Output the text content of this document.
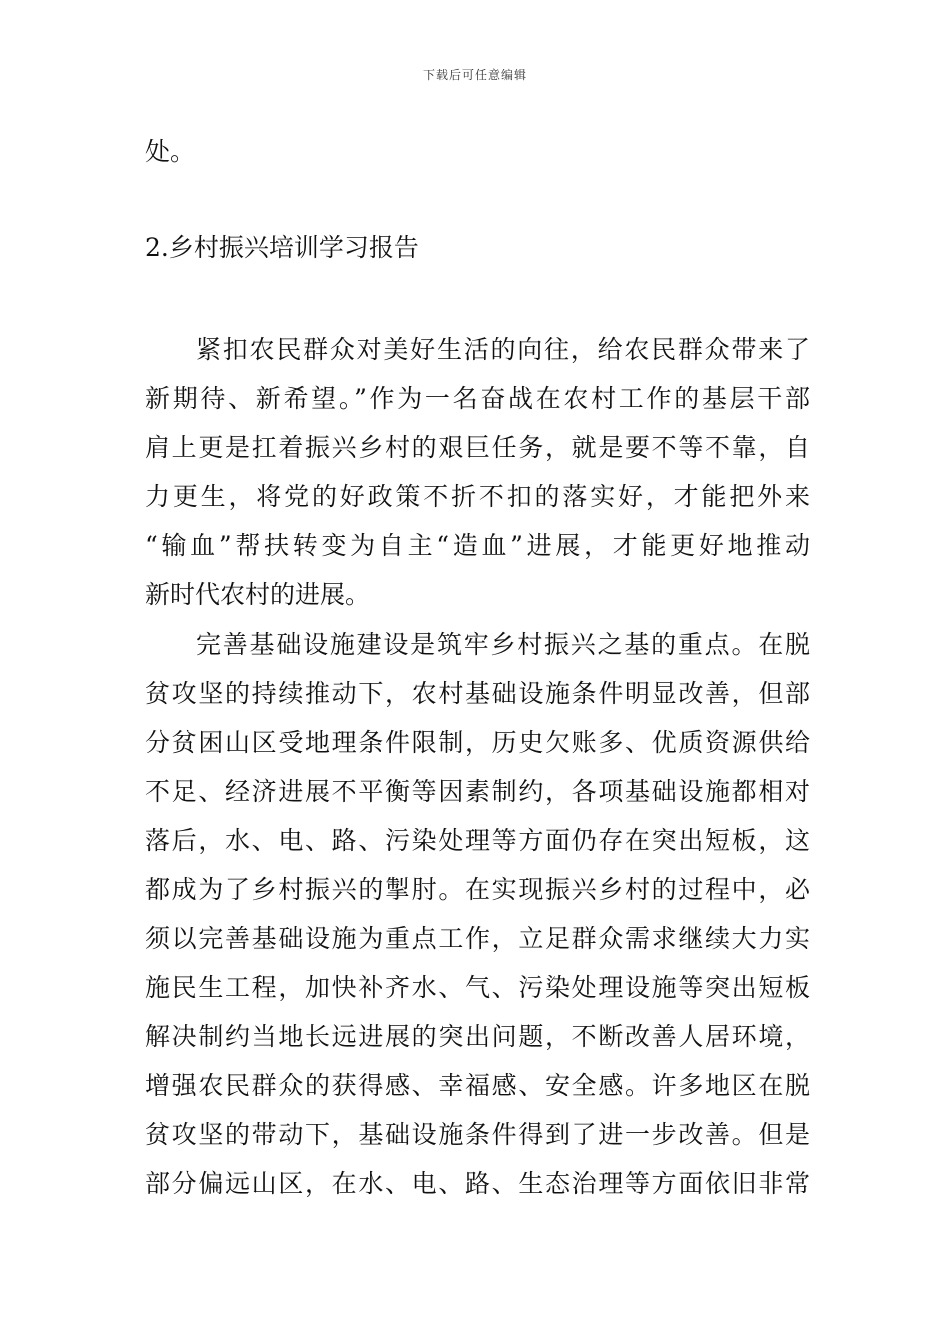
下载后可任意编辑
处。
2.乡村振兴培训学习报告
紧扣农民群众对美好生活的向往，给农民群众带来了
新期待、新希望。”作为一名奋战在农村工作的基层干部
肩上更是扛着振兴乡村的艰巨任务，就是要不等不靠，自
力更生，将党的好政策不折不扣的落实好，才能把外来
“输血”帮扶转变为自主“造血”进展，才能更好地推动
新时代农村的进展。
完善基础设施建设是筑牢乡村振兴之基的重点。在脱
贫攻坚的持续推动下，农村基础设施条件明显改善，但部
分贫困山区受地理条件限制，历史欠账多、优质资源供给
不足、经济进展不平衡等因素制约，各项基础设施都相对
落后，水、电、路、污染处理等方面仍存在突出短板，这
都成为了乡村振兴的掣肘。在实现振兴乡村的过程中，必
须以完善基础设施为重点工作，立足群众需求继续大力实
施民生工程，加快补齐水、气、污染处理设施等突出短板
解决制约当地长远进展的突出问题，不断改善人居环境，
增强农民群众的获得感、幸福感、安全感。许多地区在脱
贫攻坚的带动下，基础设施条件得到了进一步改善。但是
部分偏远山区，在水、电、路、生态治理等方面依旧非常
